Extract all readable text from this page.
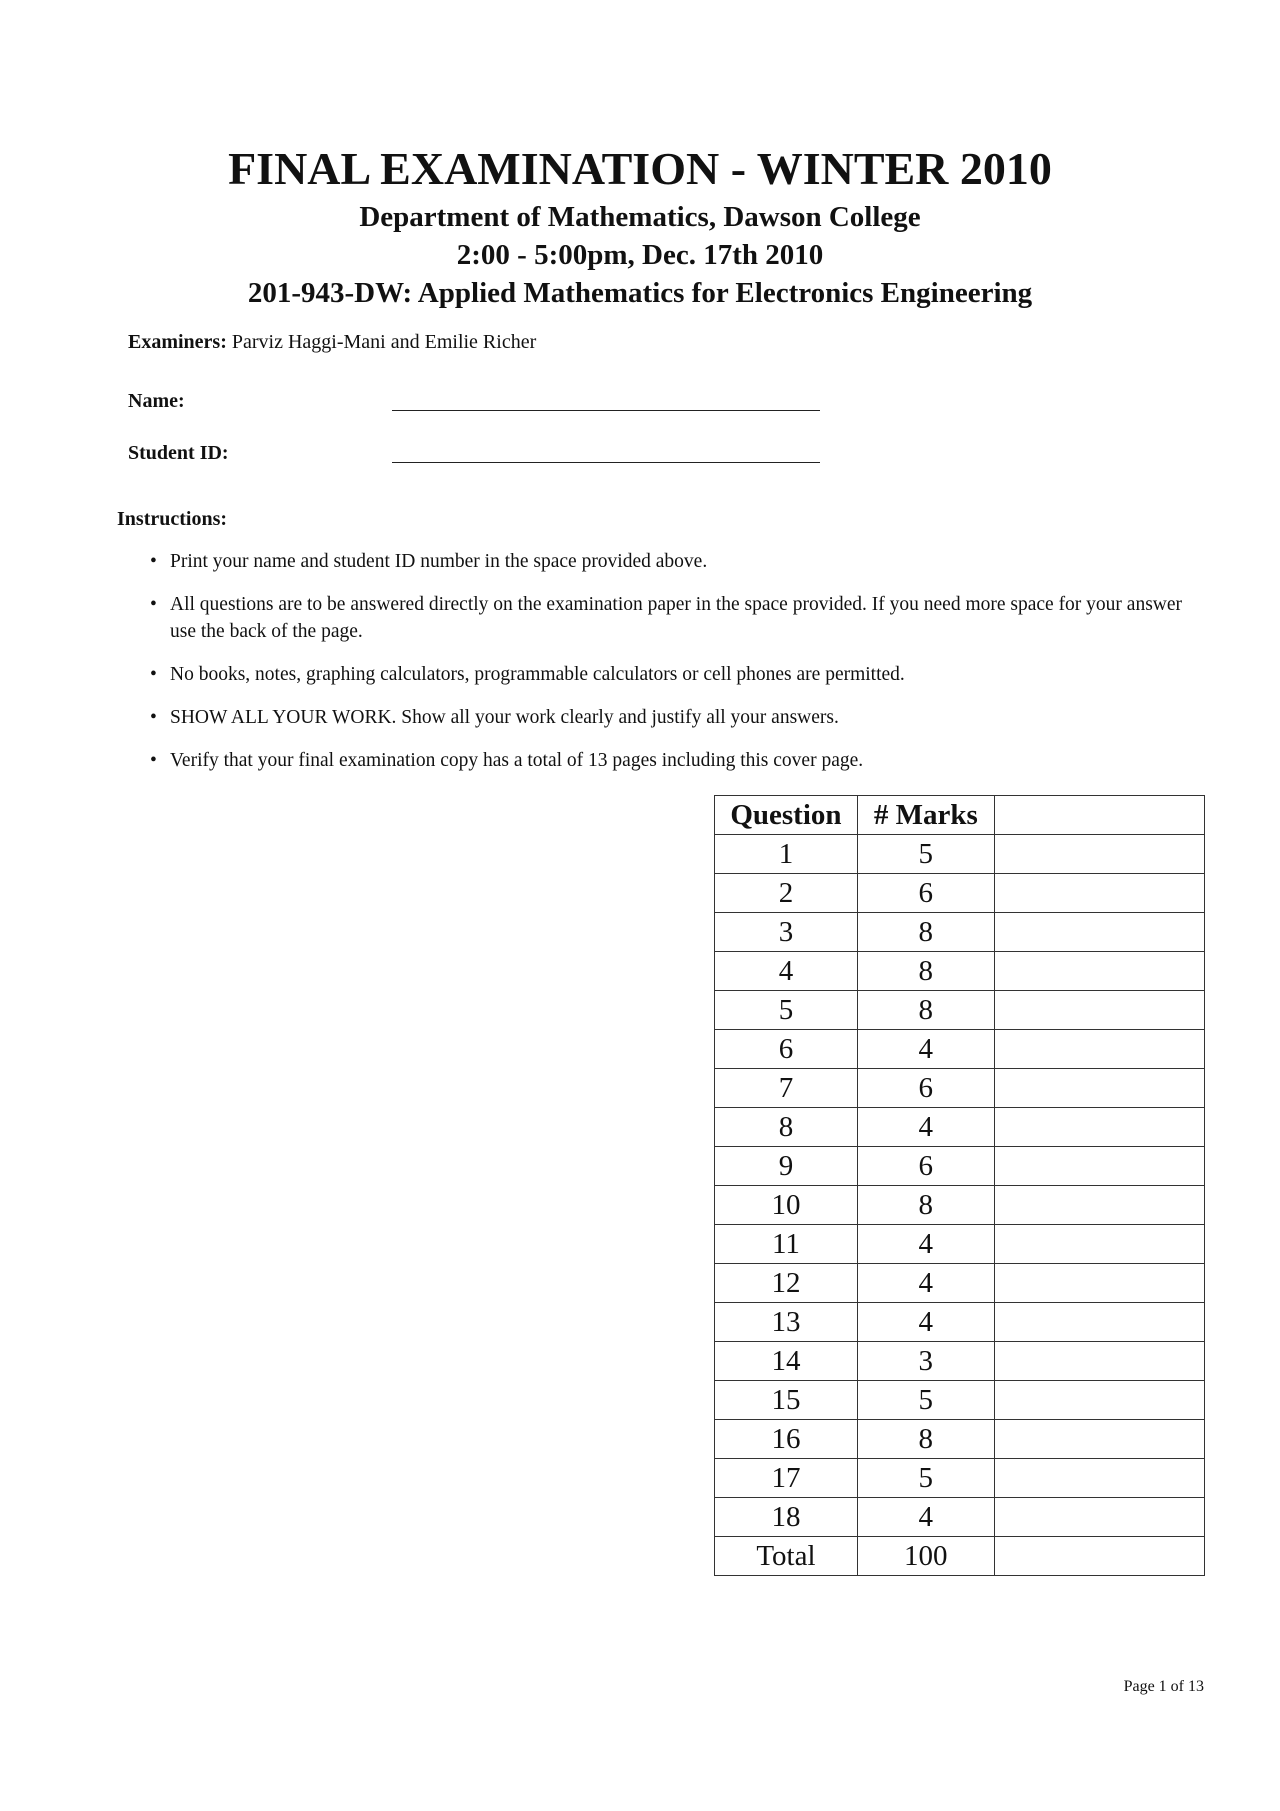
FINAL EXAMINATION - WINTER 2010

Department of Mathematics, Dawson College

2:00 - 5:00pm, Dec. 17th 2010

201-943-DW: Applied Mathematics for Electronics Engineering

Examiners: Parviz Haggi-Mani and Emilie Richer
Name:
Student ID:
Instructions:
• Print your name and student ID number in the space provided above.
• All questions are to be answered directly on the examination paper in the space provided. If you need more space for your answer use the back of the page.
• No books, notes, graphing calculators, programmable calculators or cell phones are permitted.
• SHOW ALL YOUR WORK. Show all your work clearly and justify all your answers.
• Verify that your final examination copy has a total of 13 pages including this cover page.
Question	# Marks	
1	5	
2	6	
3	8	
4	8	
5	8	
6	4	
7	6	
8	4	
9	6	
10	8	
11	4	
12	4	
13	4	
14	3	
15	5	
16	8	
17	5	
18	4	
Total	100	
Page 1 of 13
